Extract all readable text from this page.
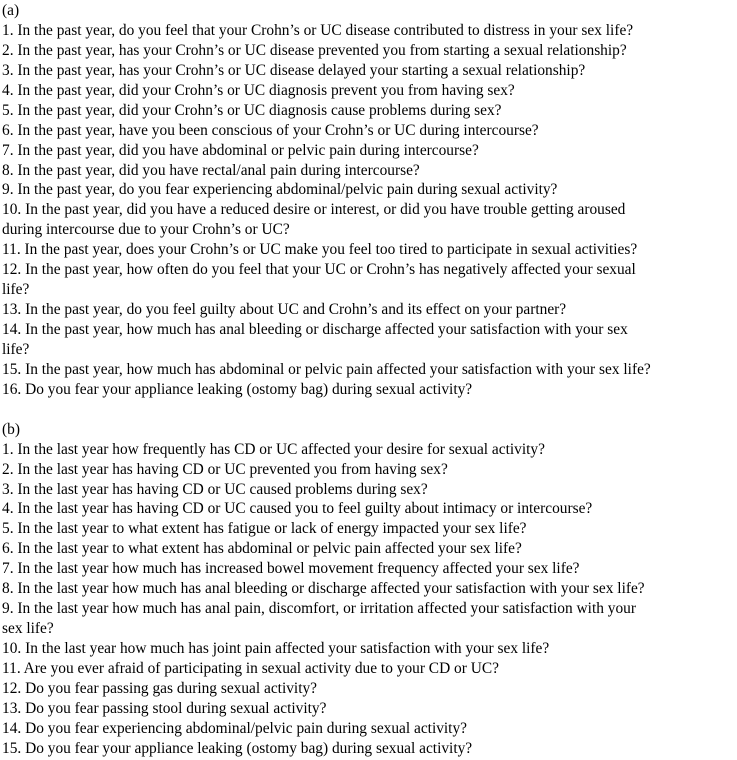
(a)
1. In the past year, do you feel that your Crohn’s or UC disease contributed to distress in your sex life?
2. In the past year, has your Crohn’s or UC disease prevented you from starting a sexual relationship?
3. In the past year, has your Crohn’s or UC disease delayed your starting a sexual relationship?
4. In the past year, did your Crohn’s or UC diagnosis prevent you from having sex?
5. In the past year, did your Crohn’s or UC diagnosis cause problems during sex?
6. In the past year, have you been conscious of your Crohn’s or UC during intercourse?
7. In the past year, did you have abdominal or pelvic pain during intercourse?
8. In the past year, did you have rectal/anal pain during intercourse?
9. In the past year, do you fear experiencing abdominal/pelvic pain during sexual activity?
10. In the past year, did you have a reduced desire or interest, or did you have trouble getting aroused
during intercourse due to your Crohn’s or UC?
11. In the past year, does your Crohn’s or UC make you feel too tired to participate in sexual activities?
12. In the past year, how often do you feel that your UC or Crohn’s has negatively affected your sexual
life?
13. In the past year, do you feel guilty about UC and Crohn’s and its effect on your partner?
14. In the past year, how much has anal bleeding or discharge affected your satisfaction with your sex
life?
15. In the past year, how much has abdominal or pelvic pain affected your satisfaction with your sex life?
16. Do you fear your appliance leaking (ostomy bag) during sexual activity?
(b)
1. In the last year how frequently has CD or UC affected your desire for sexual activity?
2. In the last year has having CD or UC prevented you from having sex?
3. In the last year has having CD or UC caused problems during sex?
4. In the last year has having CD or UC caused you to feel guilty about intimacy or intercourse?
5. In the last year to what extent has fatigue or lack of energy impacted your sex life?
6. In the last year to what extent has abdominal or pelvic pain affected your sex life?
7. In the last year how much has increased bowel movement frequency affected your sex life?
8. In the last year how much has anal bleeding or discharge affected your satisfaction with your sex life?
9. In the last year how much has anal pain, discomfort, or irritation affected your satisfaction with your
sex life?
10. In the last year how much has joint pain affected your satisfaction with your sex life?
11. Are you ever afraid of participating in sexual activity due to your CD or UC?
12. Do you fear passing gas during sexual activity?
13. Do you fear passing stool during sexual activity?
14. Do you fear experiencing abdominal/pelvic pain during sexual activity?
15. Do you fear your appliance leaking (ostomy bag) during sexual activity?
